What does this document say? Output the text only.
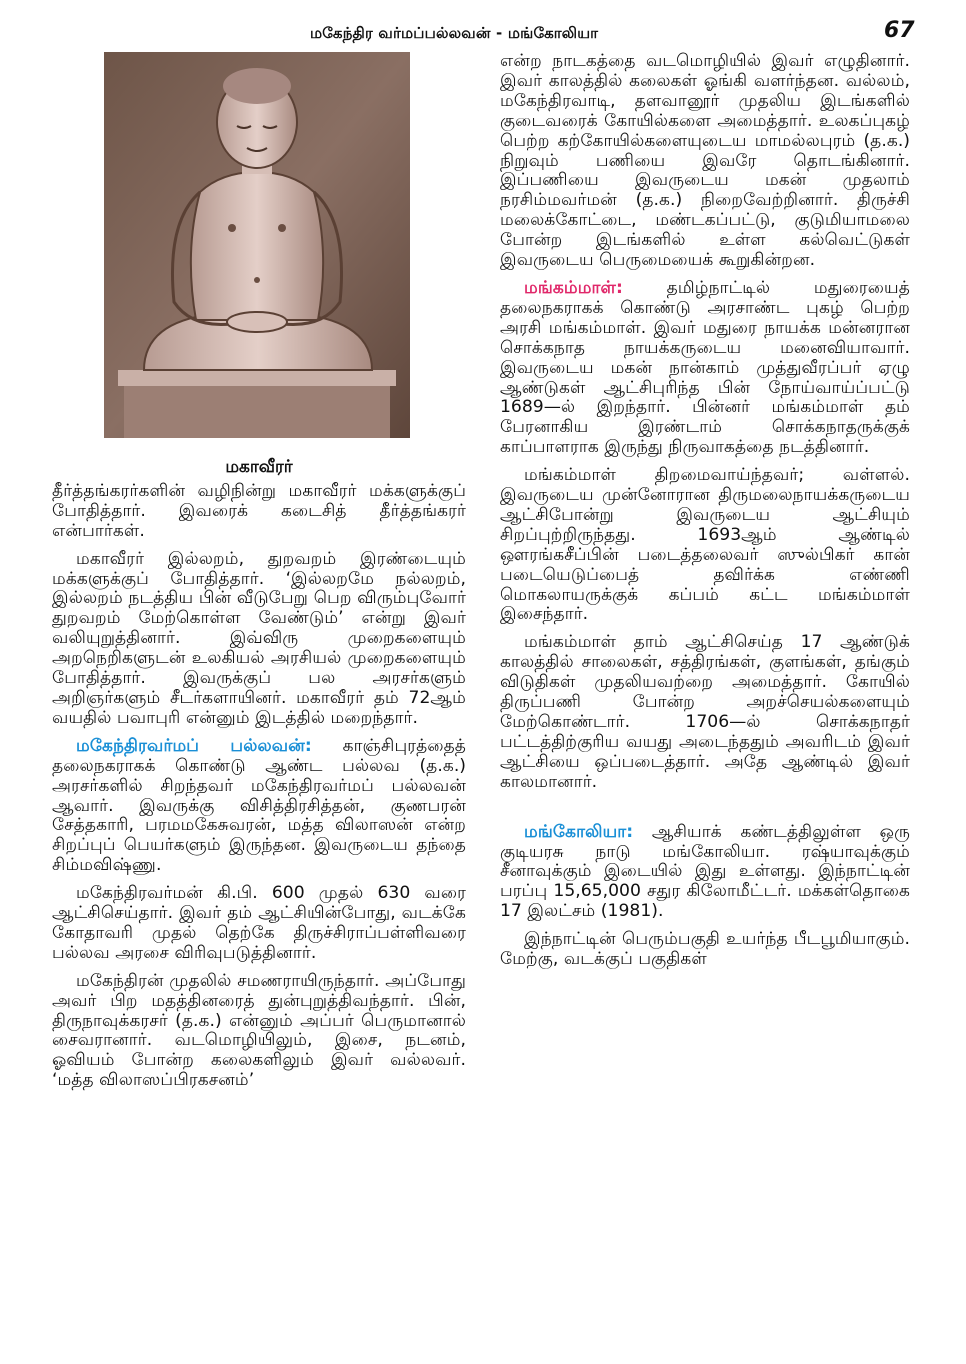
மகேந்திர வர்மப்பல்லவன் - மங்கோலியா	67
மகாவீரர்

தீர்த்தங்கரர்களின் வழிநின்று மகாவீரர் மக்களுக்குப் போதித்தார். இவரைக் கடைசித் தீர்த்தங்கரர் என்பார்கள்.

மகாவீரர் இல்லறம், துறவறம் இரண்டையும் மக்களுக்குப் போதித்தார். ‘இல்லறமே நல்லறம், இல்லறம் நடத்திய பின் வீடுபேறு பெற விரும்புவோர் துறவறம் மேற்கொள்ள வேண்டும்’ என்று இவர் வலியுறுத்தினார். இவ்விரு முறைகளையும் அறநெறிகளுடன் உலகியல் அரசியல் முறைகளையும் போதித்தார். இவருக்குப் பல அரசர்களும் அறிஞர்களும் சீடர்களாயினர். மகாவீரர் தம் 72ஆம் வயதில் பவாபுரி என்னும் இடத்தில் மறைந்தார்.

மகேந்திரவர்மப் பல்லவன்: காஞ்சிபுரத்தைத் தலைநகராகக் கொண்டு ஆண்ட பல்லவ (த.க.) அரசர்களில் சிறந்தவர் மகேந்திரவர்மப் பல்லவன் ஆவார். இவருக்கு விசித்திரசித்தன், குணபரன் சேத்தகாரி, பரமமகேசுவரன், மத்த விலாஸன் என்ற சிறப்புப் பெயர்களும் இருந்தன. இவருடைய தந்தை சிம்மவிஷ்ணு.

மகேந்திரவர்மன் கி.பி. 600 முதல் 630 வரை ஆட்சிசெய்தார். இவர் தம் ஆட்சியின்போது, வடக்கே கோதாவரி முதல் தெற்கே திருச்சிராப்பள்ளிவரை பல்லவ அரசை விரிவுபடுத்தினார்.

மகேந்திரன் முதலில் சமணராயிருந்தார். அப்போது அவர் பிற மதத்தினரைத் துன்புறுத்திவந்தார். பின், திருநாவுக்கரசர் (த.க.) என்னும் அப்பர் பெருமானால் சைவரானார். வடமொழியிலும், இசை, நடனம், ஓவியம் போன்ற கலைகளிலும் இவர் வல்லவர். ‘மத்த விலாஸப்பிரகசனம்’

என்ற நாடகத்தை வடமொழியில் இவர் எழுதினார். இவர் காலத்தில் கலைகள் ஓங்கி வளர்ந்தன. வல்லம், மகேந்திரவாடி, தளவானூர் முதலிய இடங்களில் குடைவரைக் கோயில்களை அமைத்தார். உலகப்புகழ் பெற்ற கற்கோயில்களையுடைய மாமல்லபுரம் (த.க.) நிறுவும் பணியை இவரே தொடங்கினார். இப்பணியை இவருடைய மகன் முதலாம் நரசிம்மவர்மன் (த.க.) நிறைவேற்றினார். திருச்சி மலைக்கோட்டை, மண்டகப்பட்டு, குடுமியாமலை போன்ற இடங்களில் உள்ள கல்வெட்டுகள் இவருடைய பெருமையைக் கூறுகின்றன.

மங்கம்மாள்:	தமிழ்நாட்டில் மதுரையைத் தலைநகராகக் கொண்டு அரசாண்ட புகழ் பெற்ற அரசி மங்கம்மாள். இவர் மதுரை நாயக்க மன்னரான சொக்கநாத நாயக்கருடைய மனைவியாவார். இவருடைய மகன் நான்காம் முத்துவீரப்பர் ஏழு ஆண்டுகள் ஆட்சிபுரிந்த பின் நோய்வாய்ப்பட்டு 1689—ல் இறந்தார். பின்னர் மங்கம்மாள் தம் பேரனாகிய இரண்டாம் சொக்கநாதருக்குக் காப்பாளராக இருந்து நிருவாகத்தை நடத்தினார்.

மங்கம்மாள் திறமைவாய்ந்தவர்; வள்ளல். இவருடைய முன்னோரான திருமலைநாயக்கருடைய ஆட்சிபோன்று இவருடைய ஆட்சியும் சிறப்புற்றிருந்தது. 1693ஆம் ஆண்டில் ஔரங்கசீப்பின் படைத்தலைவர் ஸுல்பிகர் கான் படையெடுப்பைத் தவிர்க்க எண்ணி மொகலாயருக்குக் கப்பம் கட்ட மங்கம்மாள் இசைந்தார்.

மங்கம்மாள் தாம் ஆட்சிசெய்த 17 ஆண்டுக் காலத்தில் சாலைகள், சத்திரங்கள், குளங்கள், தங்கும் விடுதிகள் முதலியவற்றை அமைத்தார். கோயில் திருப்பணி போன்ற அறச்செயல்களையும் மேற்கொண்டார். 1706—ல் சொக்கநாதர் பட்டத்திற்குரிய வயது அடைந்ததும் அவரிடம் இவர் ஆட்சியை ஒப்படைத்தார். அதே ஆண்டில் இவர் காலமானார்.

மங்கோலியா: ஆசியாக் கண்டத்திலுள்ள ஒரு குடியரசு நாடு மங்கோலியா. ரஷ்யாவுக்கும் சீனாவுக்கும் இடையில் இது உள்ளது. இந்நாட்டின் பரப்பு 15,65,000 சதுர கிலோமீட்டர். மக்கள்தொகை 17 இலட்சம் (1981).

இந்நாட்டின் பெரும்பகுதி உயர்ந்த பீடபூமியாகும். மேற்கு, வடக்குப் பகுதிகள்
